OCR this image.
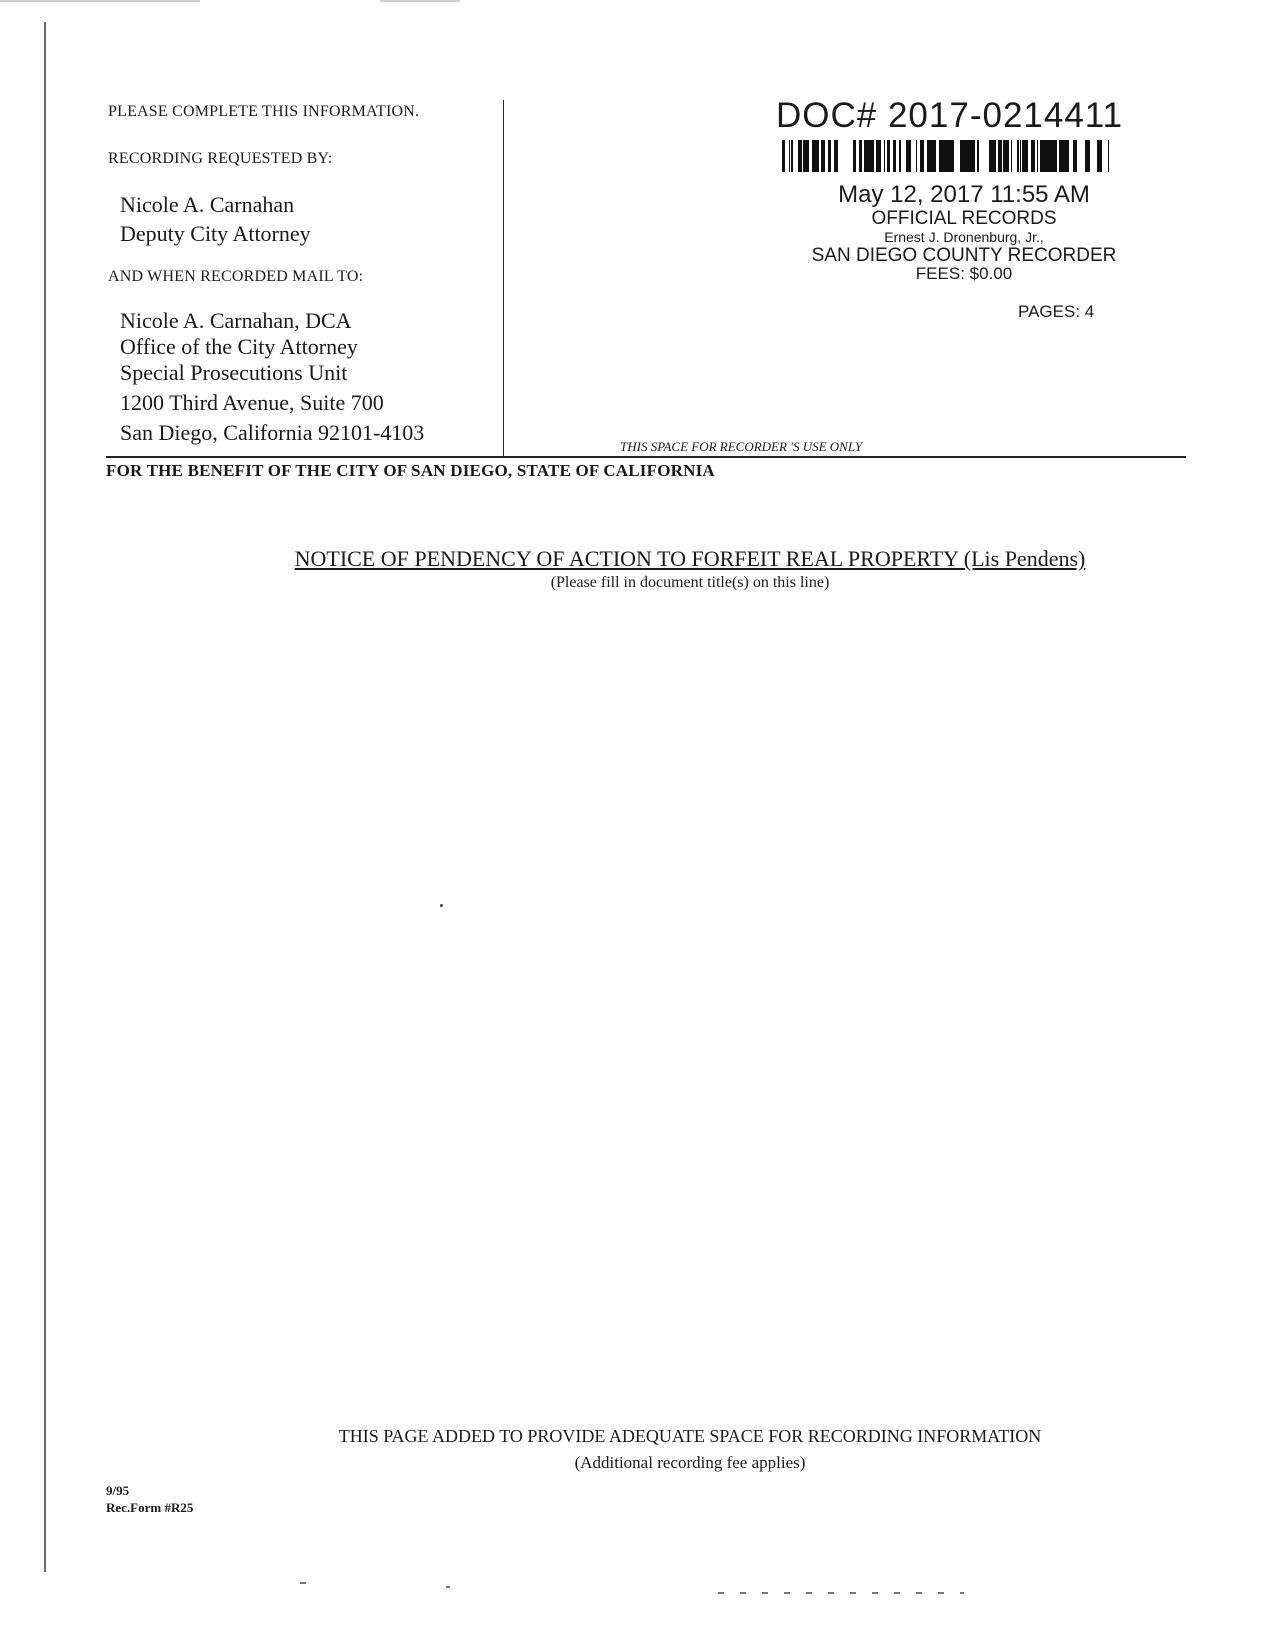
PLEASE COMPLETE THIS INFORMATION.
RECORDING REQUESTED BY:
Nicole A. Carnahan
Deputy City Attorney
AND WHEN RECORDED MAIL TO:
Nicole A. Carnahan, DCA
Office of the City Attorney
Special Prosecutions Unit
1200 Third Avenue, Suite 700
San Diego, California 92101-4103
DOC# 2017-0214411
May 12, 2017 11:55 AM
OFFICIAL RECORDS
Ernest J. Dronenburg, Jr.,
SAN DIEGO COUNTY RECORDER
FEES: $0.00
PAGES: 4
THIS SPACE FOR RECORDER 'S USE ONLY
FOR THE BENEFIT OF THE CITY OF SAN DIEGO, STATE OF CALIFORNIA
NOTICE OF PENDENCY OF ACTION TO FORFEIT REAL PROPERTY (Lis Pendens)
(Please fill in document title(s) on this line)
THIS PAGE ADDED TO PROVIDE ADEQUATE SPACE FOR RECORDING INFORMATION
(Additional recording fee applies)
9/95
Rec.Form #R25
